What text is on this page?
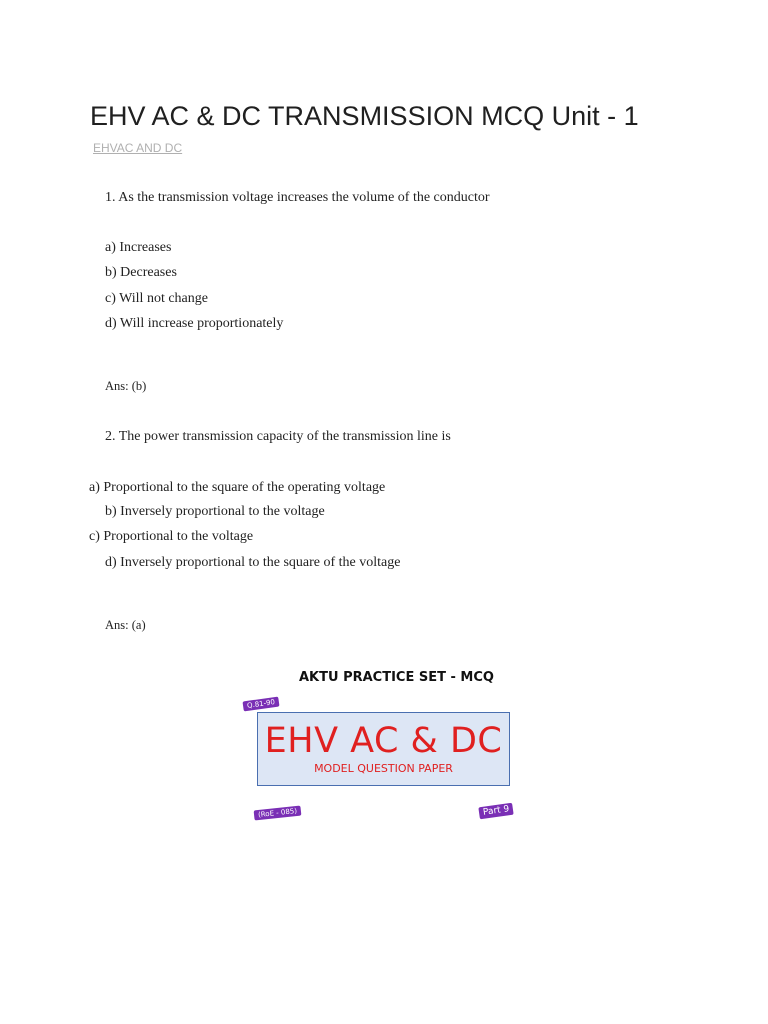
EHV AC & DC TRANSMISSION MCQ Unit - 1
EHVAC AND DC
1. As the transmission voltage increases the volume of the conductor
a) Increases
b) Decreases
c) Will not change
d) Will increase proportionately
Ans: (b)
2. The power transmission capacity of the transmission line is
a) Proportional to the square of the operating voltage
b) Inversely proportional to the voltage
c) Proportional to the voltage
d) Inversely proportional to the square of the voltage
Ans: (a)
AKTU PRACTICE SET - MCQ
Q.81-90
EHV AC & DC
MODEL QUESTION PAPER
(RoE - 085)	Part 9
